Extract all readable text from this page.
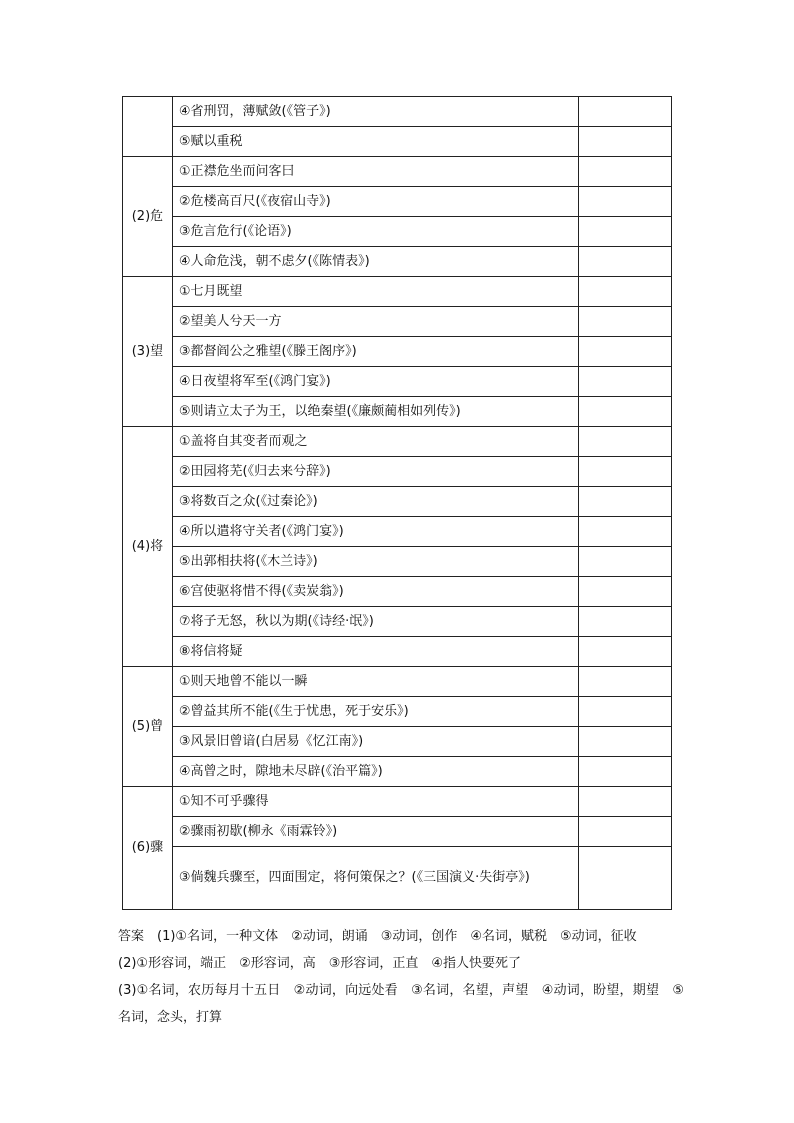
	④省刑罚，薄赋敛(《管子》)	
	⑤赋以重税	
(2)危	①正襟危坐而问客曰	
	②危楼高百尺(《夜宿山寺》)	
	③危言危行(《论语》)	
	④人命危浅，朝不虑夕(《陈情表》)	
(3)望	①七月既望	
	②望美人兮天一方	
	③都督阎公之雅望(《滕王阁序》)	
	④日夜望将军至(《鸿门宴》)	
	⑤则请立太子为王，以绝秦望(《廉颇蔺相如列传》)	
(4)将	①盖将自其变者而观之	
	②田园将芜(《归去来兮辞》)	
	③将数百之众(《过秦论》)	
	④所以遣将守关者(《鸿门宴》)	
	⑤出郭相扶将(《木兰诗》)	
	⑥宫使驱将惜不得(《卖炭翁》)	
	⑦将子无怒，秋以为期(《诗经·氓》)	
	⑧将信将疑	
(5)曾	①则天地曾不能以一瞬	
	②曾益其所不能(《生于忧患，死于安乐》)	
	③风景旧曾谙(白居易《忆江南》)	
	④高曾之时，隙地未尽辟(《治平篇》)	
(6)骤	①知不可乎骤得	
	②骤雨初歇(柳永《雨霖铃》)	
	③倘魏兵骤至，四面围定，将何策保之？(《三国演义·失街亭》)	

答案　(1)①名词，一种文体　②动词，朗诵　③动词，创作　④名词，赋税　⑤动词，征收

(2)①形容词，端正　②形容词，高　③形容词，正直　④指人快要死了

(3)①名词，农历每月十五日　②动词，向远处看　③名词，名望，声望　④动词，盼望，期望　⑤名词，念头，打算
